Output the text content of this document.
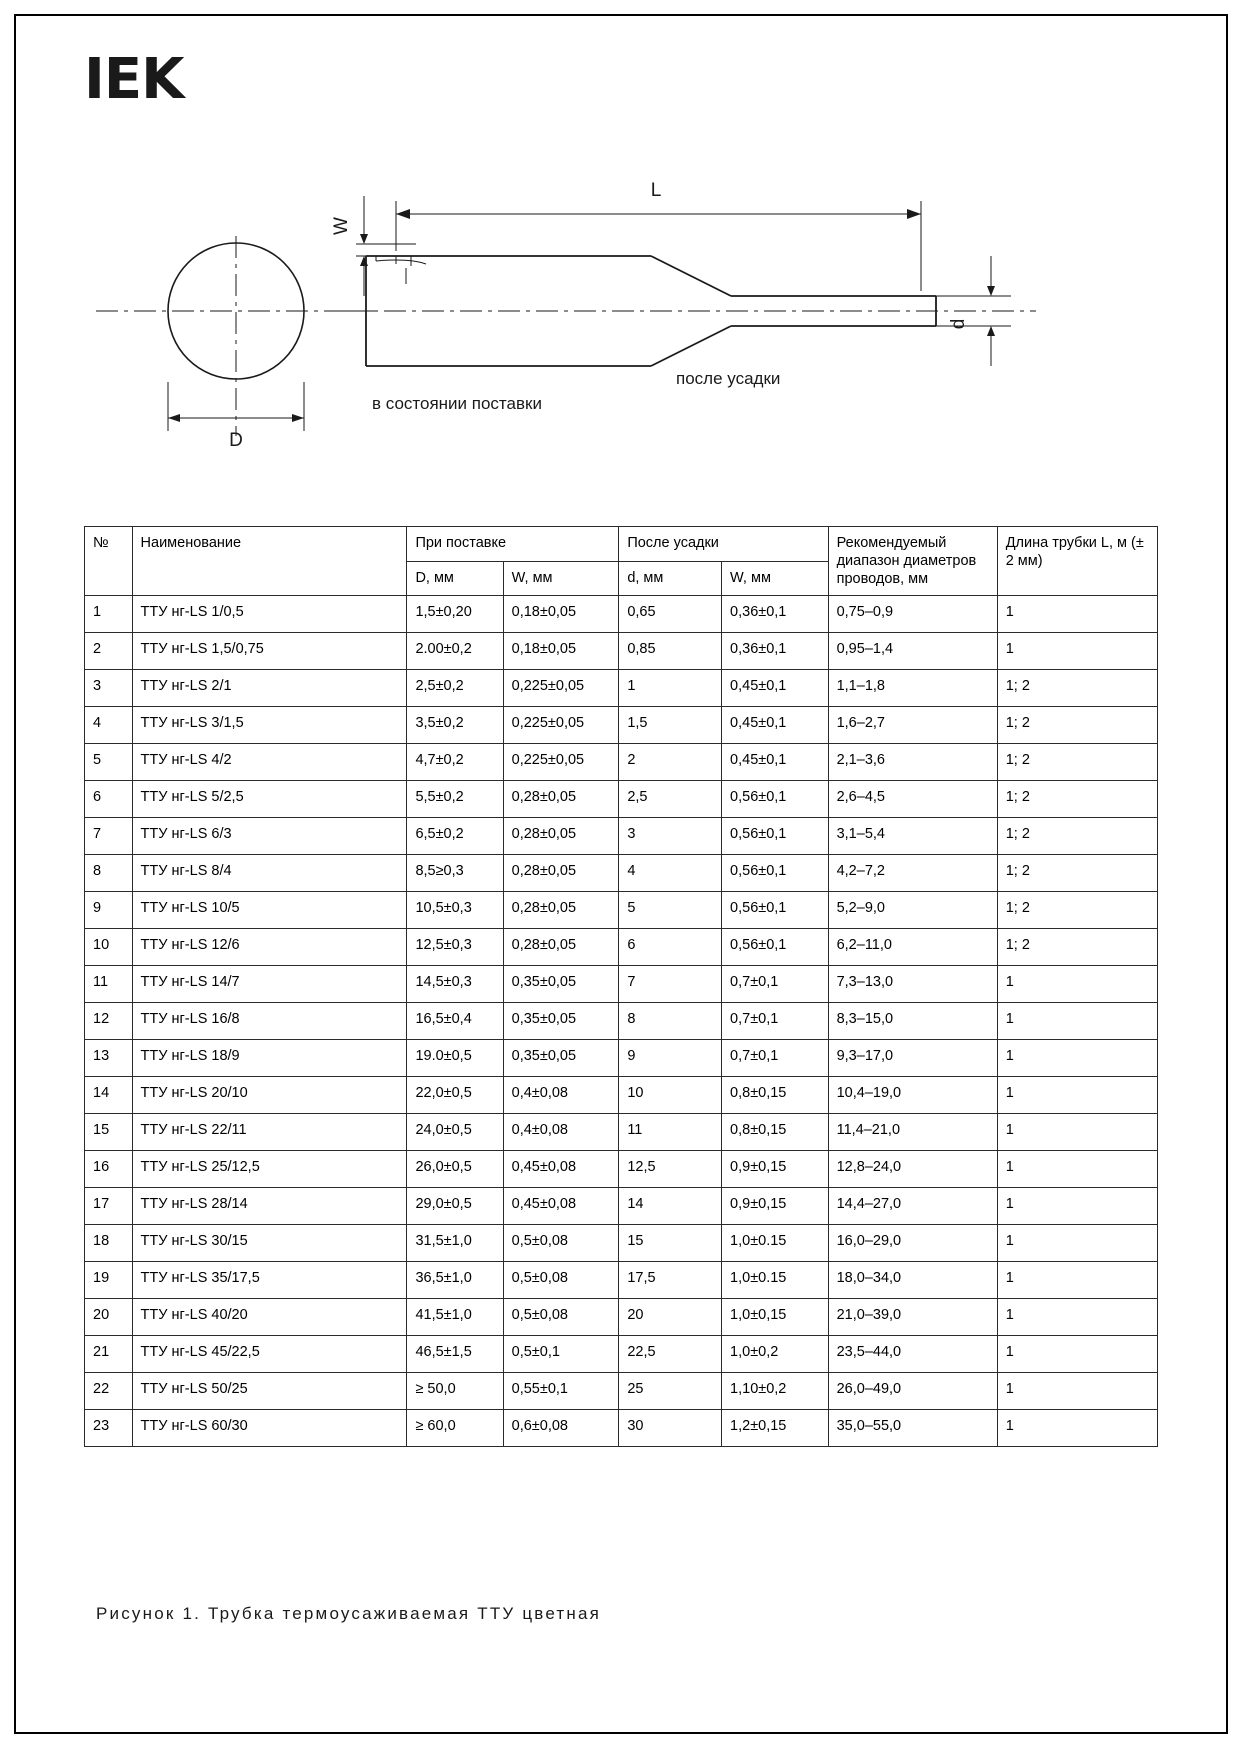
IEK
L
D
W
d
в состоянии поставки
после усадки
№	Наименование	При поставке		После усадки		Рекомендуемый диапазон диаметров проводов, мм	Длина трубки L, м (± 2 мм)
		D, мм	W, мм	d, мм	W, мм		
1	ТТУ нг-LS 1/0,5	1,5±0,20	0,18±0,05	0,65	0,36±0,1	0,75–0,9	1
2	ТТУ нг-LS 1,5/0,75	2.00±0,2	0,18±0,05	0,85	0,36±0,1	0,95–1,4	1
3	ТТУ нг-LS 2/1	2,5±0,2	0,225±0,05	1	0,45±0,1	1,1–1,8	1; 2
4	ТТУ нг-LS 3/1,5	3,5±0,2	0,225±0,05	1,5	0,45±0,1	1,6–2,7	1; 2
5	ТТУ нг-LS 4/2	4,7±0,2	0,225±0,05	2	0,45±0,1	2,1–3,6	1; 2
6	ТТУ нг-LS 5/2,5	5,5±0,2	0,28±0,05	2,5	0,56±0,1	2,6–4,5	1; 2
7	ТТУ нг-LS 6/3	6,5±0,2	0,28±0,05	3	0,56±0,1	3,1–5,4	1; 2
8	ТТУ нг-LS 8/4	8,5≥0,3	0,28±0,05	4	0,56±0,1	4,2–7,2	1; 2
9	ТТУ нг-LS 10/5	10,5±0,3	0,28±0,05	5	0,56±0,1	5,2–9,0	1; 2
10	ТТУ нг-LS 12/6	12,5±0,3	0,28±0,05	6	0,56±0,1	6,2–11,0	1; 2
11	ТТУ нг-LS 14/7	14,5±0,3	0,35±0,05	7	0,7±0,1	7,3–13,0	1
12	ТТУ нг-LS 16/8	16,5±0,4	0,35±0,05	8	0,7±0,1	8,3–15,0	1
13	ТТУ нг-LS 18/9	19.0±0,5	0,35±0,05	9	0,7±0,1	9,3–17,0	1
14	ТТУ нг-LS 20/10	22,0±0,5	0,4±0,08	10	0,8±0,15	10,4–19,0	1
15	ТТУ нг-LS 22/11	24,0±0,5	0,4±0,08	11	0,8±0,15	11,4–21,0	1
16	ТТУ нг-LS 25/12,5	26,0±0,5	0,45±0,08	12,5	0,9±0,15	12,8–24,0	1
17	ТТУ нг-LS 28/14	29,0±0,5	0,45±0,08	14	0,9±0,15	14,4–27,0	1
18	ТТУ нг-LS 30/15	31,5±1,0	0,5±0,08	15	1,0±0.15	16,0–29,0	1
19	ТТУ нг-LS 35/17,5	36,5±1,0	0,5±0,08	17,5	1,0±0.15	18,0–34,0	1
20	ТТУ нг-LS 40/20	41,5±1,0	0,5±0,08	20	1,0±0,15	21,0–39,0	1
21	ТТУ нг-LS 45/22,5	46,5±1,5	0,5±0,1	22,5	1,0±0,2	23,5–44,0	1
22	ТТУ нг-LS 50/25	≥ 50,0	0,55±0,1	25	1,10±0,2	26,0–49,0	1
23	ТТУ нг-LS 60/30	≥ 60,0	0,6±0,08	30	1,2±0,15	35,0–55,0	1
Рисунок 1. Трубка термоусаживаемая ТТУ цветная
